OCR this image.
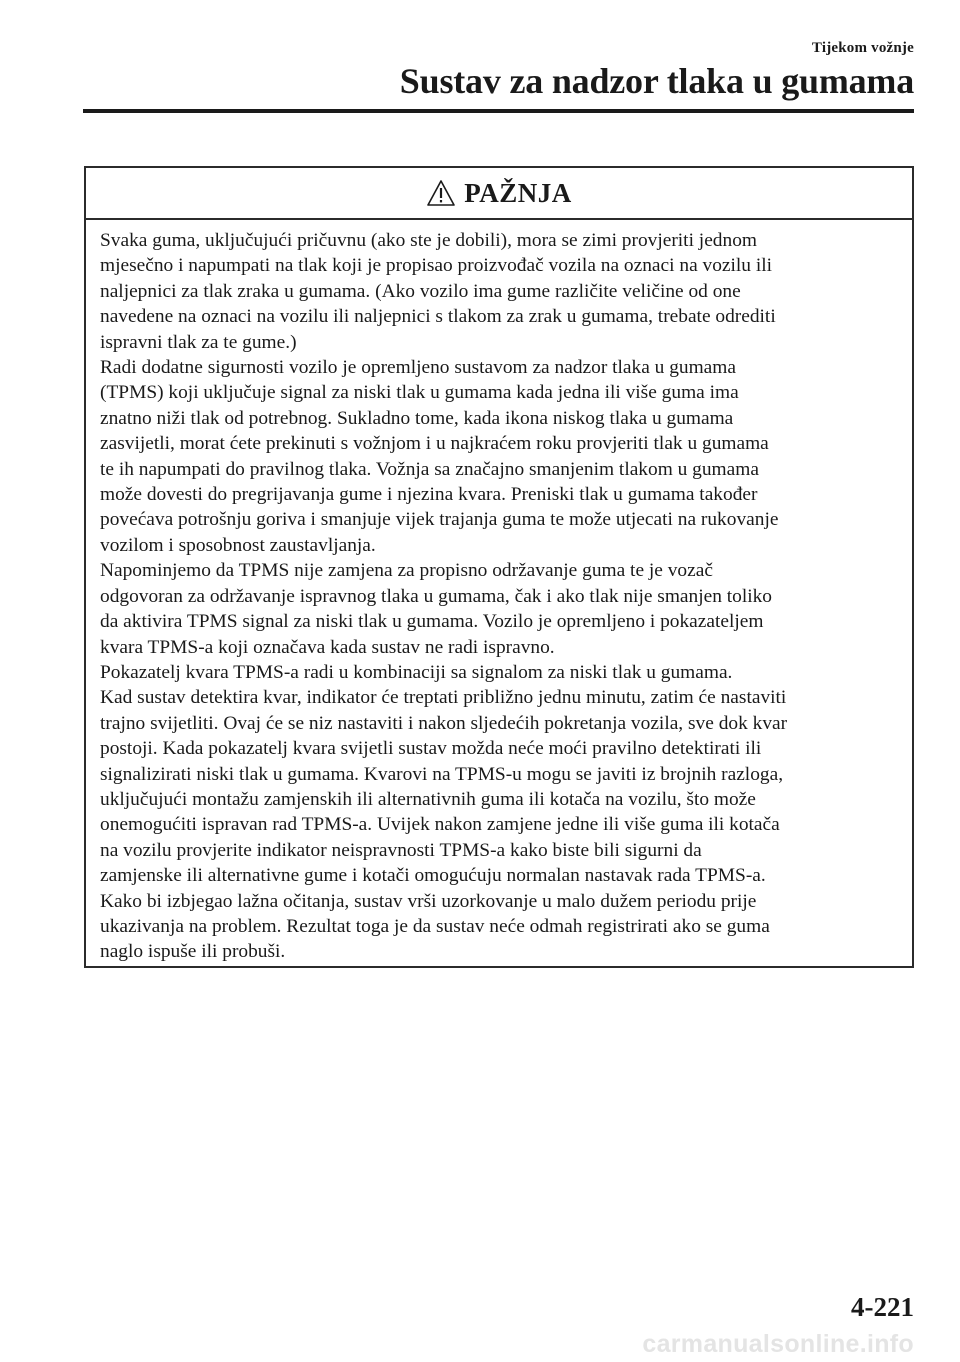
Tijekom vožnje
Sustav za nadzor tlaka u gumama
PAŽNJA
Svaka guma, uključujući pričuvnu (ako ste je dobili), mora se zimi provjeriti jednom
mjesečno i napumpati na tlak koji je propisao proizvođač vozila na oznaci na vozilu ili
naljepnici za tlak zraka u gumama. (Ako vozilo ima gume različite veličine od one
navedene na oznaci na vozilu ili naljepnici s tlakom za zrak u gumama, trebate odrediti
ispravni tlak za te gume.)
Radi dodatne sigurnosti vozilo je opremljeno sustavom za nadzor tlaka u gumama
(TPMS) koji uključuje signal za niski tlak u gumama kada jedna ili više guma ima
znatno niži tlak od potrebnog. Sukladno tome, kada ikona niskog tlaka u gumama
zasvijetli, morat ćete prekinuti s vožnjom i u najkraćem roku provjeriti tlak u gumama
te ih napumpati do pravilnog tlaka. Vožnja sa značajno smanjenim tlakom u gumama
može dovesti do pregrijavanja gume i njezina kvara. Preniski tlak u gumama također
povećava potrošnju goriva i smanjuje vijek trajanja guma te može utjecati na rukovanje
vozilom i sposobnost zaustavljanja.
Napominjemo da TPMS nije zamjena za propisno održavanje guma te je vozač
odgovoran za održavanje ispravnog tlaka u gumama, čak i ako tlak nije smanjen toliko
da aktivira TPMS signal za niski tlak u gumama. Vozilo je opremljeno i pokazateljem
kvara TPMS-a koji označava kada sustav ne radi ispravno.
Pokazatelj kvara TPMS-a radi u kombinaciji sa signalom za niski tlak u gumama.
Kad sustav detektira kvar, indikator će treptati približno jednu minutu, zatim će nastaviti
trajno svijetliti. Ovaj će se niz nastaviti i nakon sljedećih pokretanja vozila, sve dok kvar
postoji. Kada pokazatelj kvara svijetli sustav možda neće moći pravilno detektirati ili
signalizirati niski tlak u gumama. Kvarovi na TPMS-u mogu se javiti iz brojnih razloga,
uključujući montažu zamjenskih ili alternativnih guma ili kotača na vozilu, što može
onemogućiti ispravan rad TPMS-a. Uvijek nakon zamjene jedne ili više guma ili kotača
na vozilu provjerite indikator neispravnosti TPMS-a kako biste bili sigurni da
zamjenske ili alternativne gume i kotači omogućuju normalan nastavak rada TPMS-a.
Kako bi izbjegao lažna očitanja, sustav vrši uzorkovanje u malo dužem periodu prije
ukazivanja na problem. Rezultat toga je da sustav neće odmah registrirati ako se guma
naglo ispuše ili probuši.
4-221
carmanualsonline.info
